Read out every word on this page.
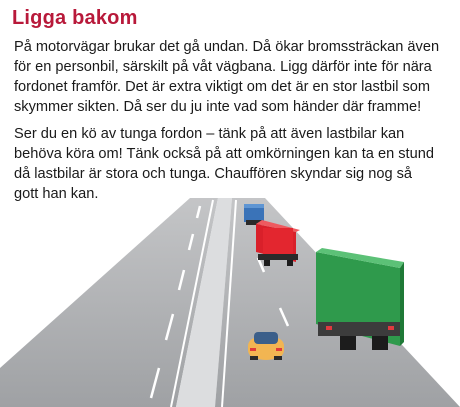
Ligga bakom

På motorvägar brukar det gå undan. Då ökar bromssträckan även
för en personbil, särskilt på våt vägbana. Ligg därför inte för nära
fordonet framför. Det är extra viktigt om det är en stor lastbil som
skymmer sikten. Då ser du ju inte vad som händer där framme!

Ser du en kö av tunga fordon – tänk på att även lastbilar kan
behöva köra om! Tänk också på att omkörningen kan ta en stund
då lastbilar är stora och tunga. Chauffören skyndar sig nog så
gott han kan.
